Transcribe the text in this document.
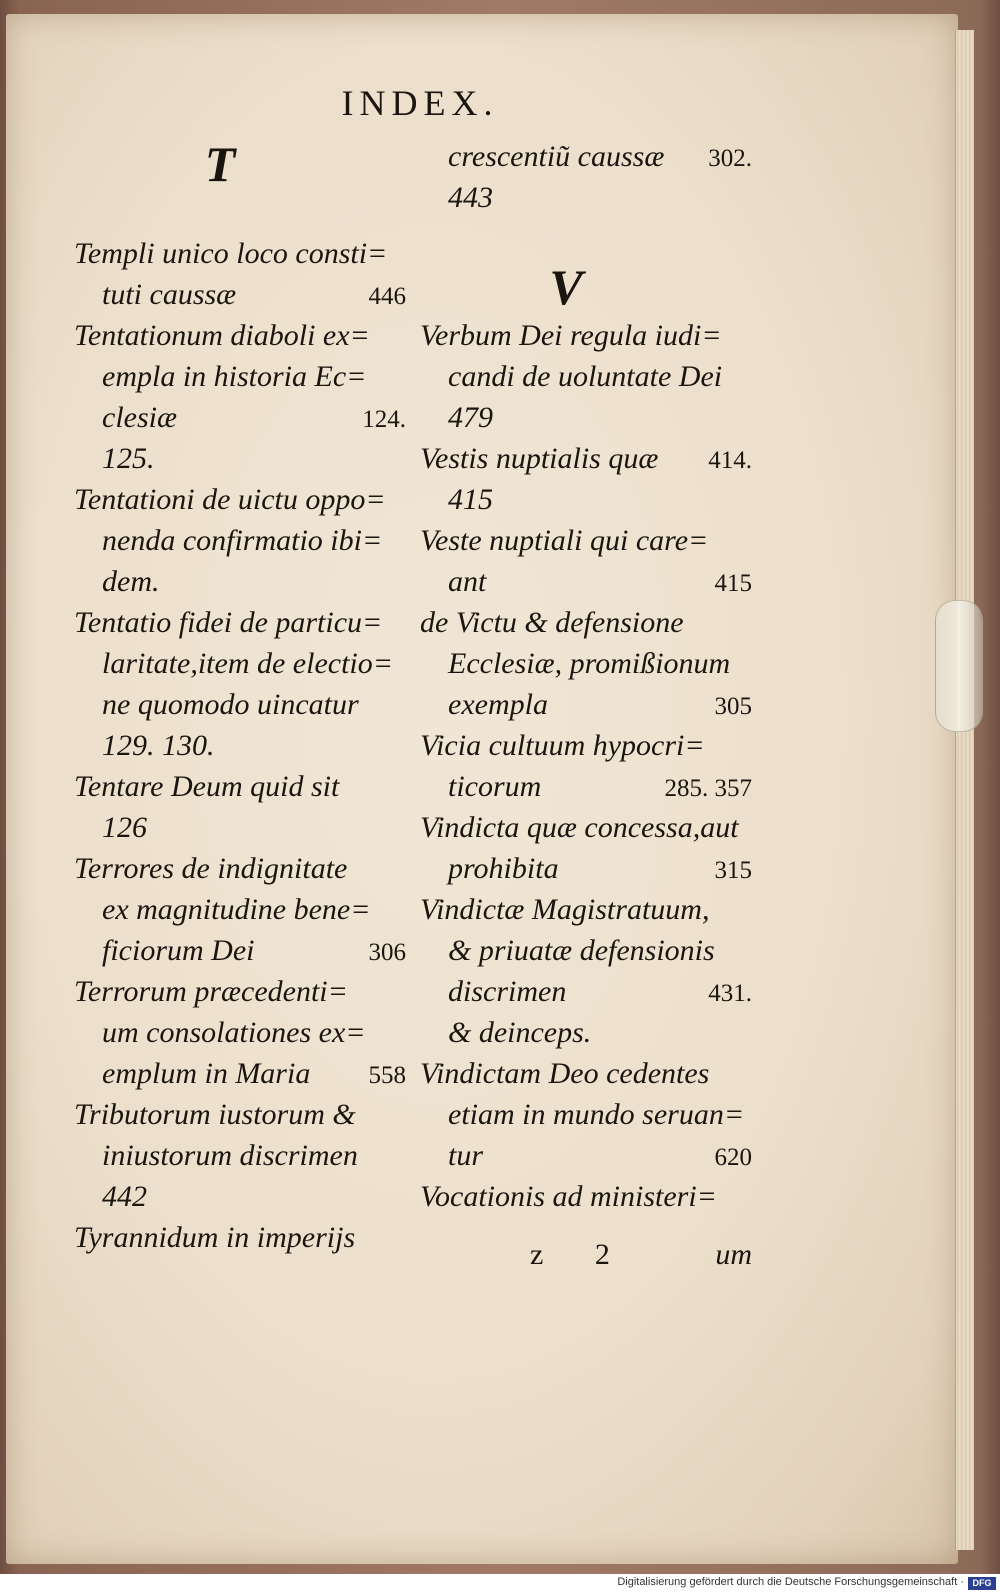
INDEX.
T
Templi unico loco consti=
tuti caussæ	446
Tentationum diaboli ex=
empla in historia Ec=
clesiæ	124.
125.
Tentationi de uictu oppo=
nenda confirmatio ibi=
dem.
Tentatio fidei de particu=
laritate,item de electio=
ne quomodo uincatur
129. 130.
Tentare Deum quid sit
126
Terrores de indignitate
ex magnitudine bene=
ficiorum Dei	306
Terrorum præcedenti=
um consolationes ex=
emplum in Maria	558
Tributorum iustorum &
iniustorum discrimen
442
Tyrannidum in imperijs
crescentiũ caussæ	302.
443
V
Verbum Dei regula iudi=
candi de uoluntate Dei
479
Vestis nuptialis quæ	414.
415
Veste nuptiali qui care=
ant	415
de Victu & defensione
Ecclesiæ, promißionum
exempla	305
Vicia cultuum hypocri=
ticorum	285. 357
Vindicta quæ concessa,aut
prohibita	315
Vindictæ Magistratuum,
& priuatæ defensionis
discrimen	431.
& deinceps.
Vindictam Deo cedentes
etiam in mundo seruan=
tur	620
Vocationis ad ministeri=
z 2	um
Digitalisierung gefördert durch die Deutsche Forschungsgemeinschaft · DFG
